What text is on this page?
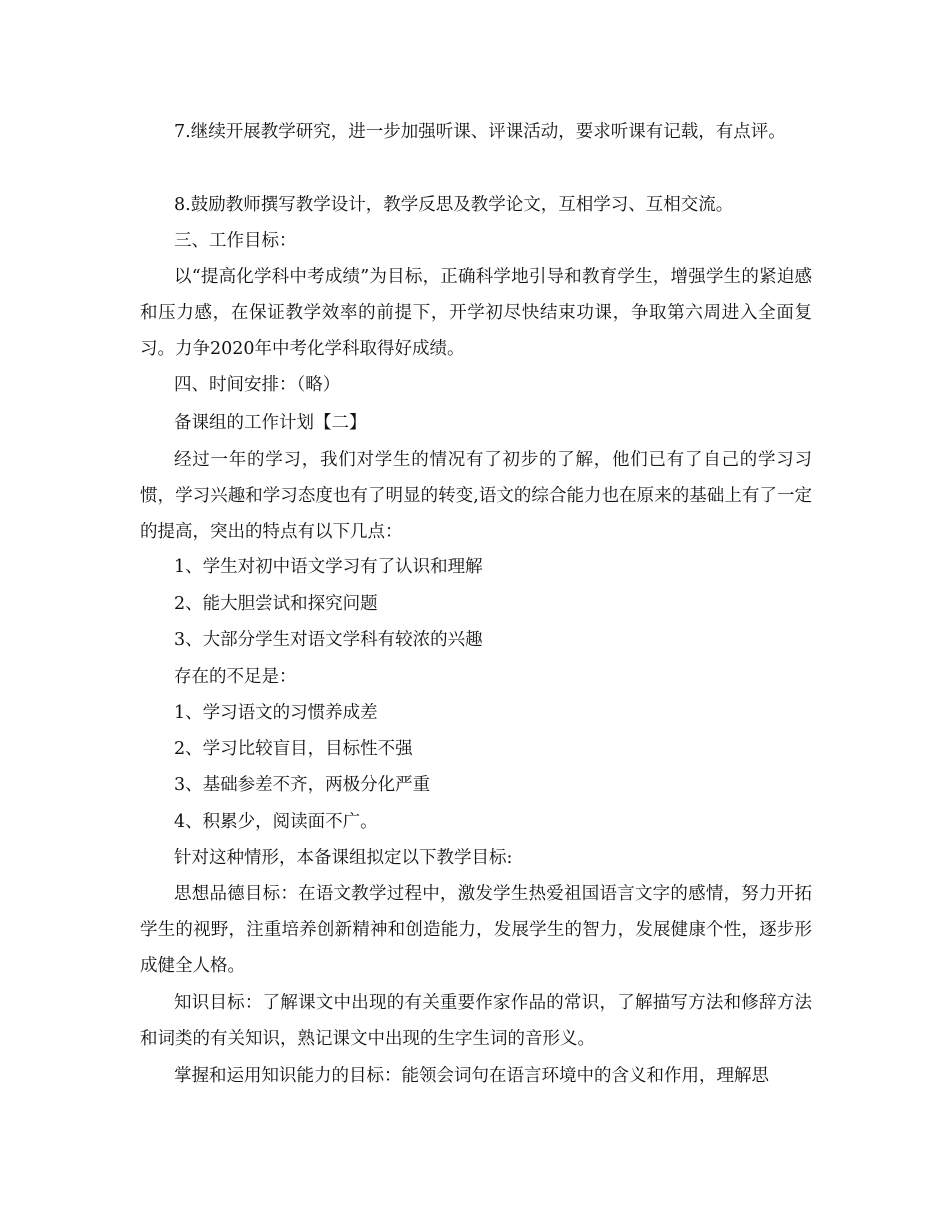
7.继续开展教学研究，进一步加强听课、评课活动，要求听课有记载，有点评。

8.鼓励教师撰写教学设计，教学反思及教学论文，互相学习、互相交流。

三、工作目标：

以“提高化学科中考成绩”为目标，正确科学地引导和教育学生，增强学生的紧迫感和压力感，在保证教学效率的前提下，开学初尽快结束功课，争取第六周进入全面复习。力争2020年中考化学科取得好成绩。

四、时间安排：（略）

备课组的工作计划【二】

经过一年的学习，我们对学生的情况有了初步的了解，他们已有了自己的学习习惯，学习兴趣和学习态度也有了明显的转变,语文的综合能力也在原来的基础上有了一定的提高，突出的特点有以下几点：

1、学生对初中语文学习有了认识和理解

2、能大胆尝试和探究问题

3、大部分学生对语文学科有较浓的兴趣

存在的不足是：

1、学习语文的习惯养成差

2、学习比较盲目，目标性不强

3、基础参差不齐，两极分化严重

4、积累少，阅读面不广。

针对这种情形，本备课组拟定以下教学目标:

思想品德目标：在语文教学过程中，激发学生热爱祖国语言文字的感情，努力开拓学生的视野，注重培养创新精神和创造能力，发展学生的智力，发展健康个性，逐步形成健全人格。

知识目标：了解课文中出现的有关重要作家作品的常识，了解描写方法和修辞方法和词类的有关知识，熟记课文中出现的生字生词的音形义。

掌握和运用知识能力的目标：能领会词句在语言环境中的含义和作用，理解思
